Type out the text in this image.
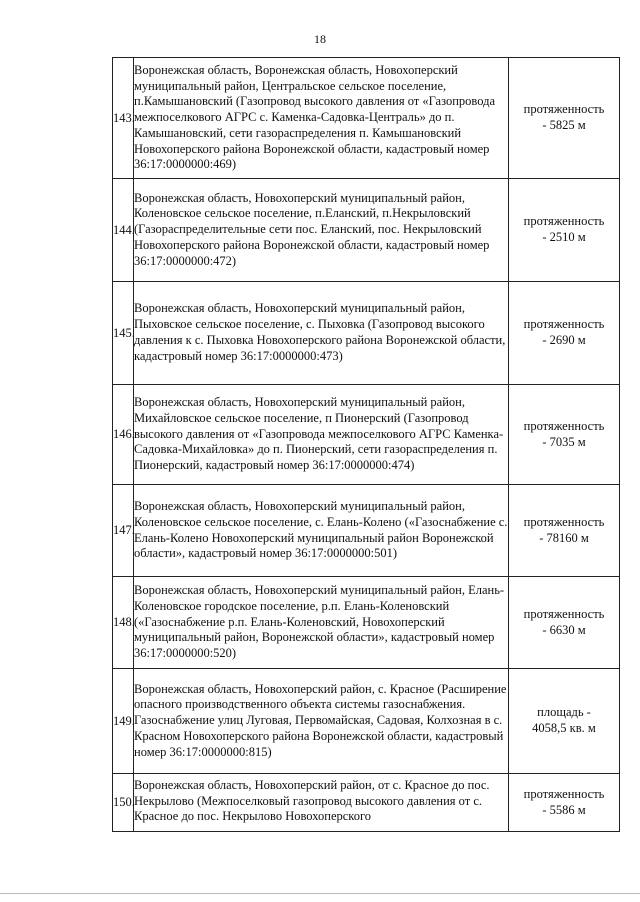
18
143.	Воронежская область, Воронежская область, Новохоперский муниципальный район, Центральское сельское поселение, п.Камышановский (Газопровод высокого давления от «Газопровода межпоселкового АГРС с. Каменка-Садовка-Централь» до п. Камышановский, сети газораспределения п. Камышановский Новохоперского района Воронежской области, кадастровый номер 36:17:0000000:469)	протяженность
- 5825 м

144.	Воронежская область, Новохоперский муниципальный район, Коленовское сельское поселение, п.Еланский, п.Некрыловский (Газораспределительные сети пос. Еланский, пос. Некрыловский Новохоперского района Воронежской области, кадастровый номер 36:17:0000000:472)	протяженность
- 2510 м

145.	Воронежская область, Новохоперский муниципальный район, Пыховское сельское поселение, с. Пыховка (Газопровод высокого давления к с. Пыховка Новохоперского района Воронежской области, кадастровый номер 36:17:0000000:473)	протяженность
- 2690 м

146.	Воронежская область, Новохоперский муниципальный район, Михайловское сельское поселение, п Пионерский (Газопровод высокого давления от «Газопровода межпоселкового АГРС Каменка-Садовка-Михайловка» до п. Пионерский, сети газораспределения п. Пионерский, кадастровый номер 36:17:0000000:474)	протяженность
- 7035 м

147.	Воронежская область, Новохоперский муниципальный район, Коленовское сельское поселение, с. Елань-Колено («Газоснабжение с. Елань-Колено Новохоперский муниципальный район Воронежской области», кадастровый номер 36:17:0000000:501)	протяженность
- 78160 м

148.	Воронежская область, Новохоперский муниципальный район, Елань-Коленовское городское поселение, р.п. Елань-Коленовский («Газоснабжение р.п. Елань-Коленовский, Новохоперский муниципальный район, Воронежской области», кадастровый номер 36:17:0000000:520)	протяженность
- 6630 м

149.	Воронежская область, Новохоперский район, с. Красное (Расширение опасного производственного объекта системы газоснабжения. Газоснабжение улиц Луговая, Первомайская, Садовая, Колхозная в с. Красном Новохоперского района Воронежской области, кадастровый номер 36:17:0000000:815)	площадь -
4058,5 кв. м

150.	Воронежская область, Новохоперский район, от с. Красное до пос. Некрылово (Межпоселковый газопровод высокого давления от с. Красное до пос. Некрылово Новохоперского	протяженность
- 5586 м
